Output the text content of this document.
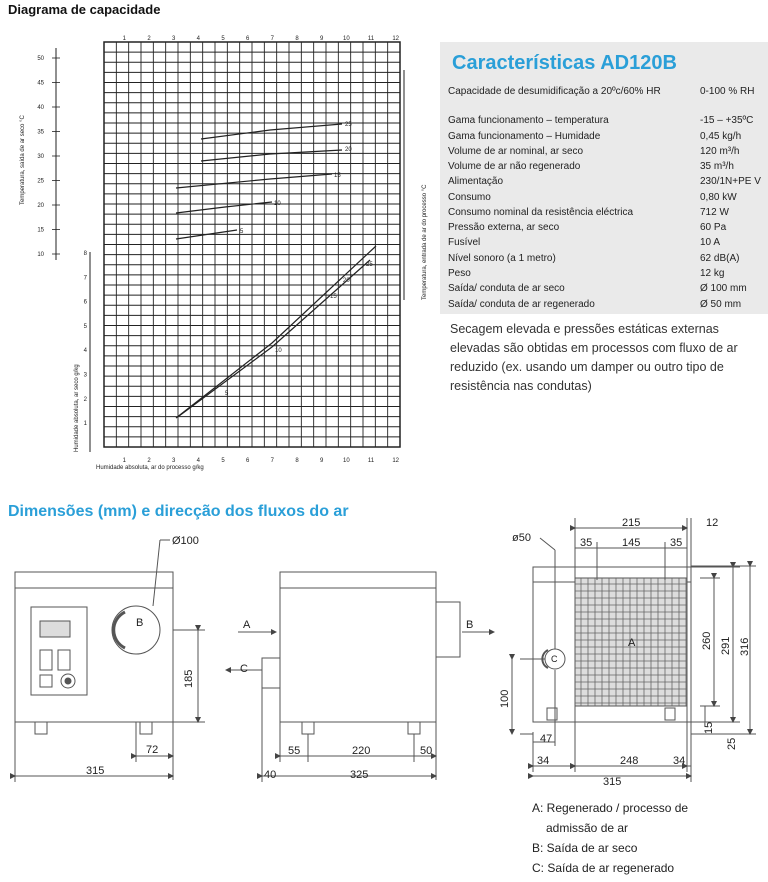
Diagrama de capacidade
1	2	3	4	5	6	7	8	9	10	11	12
1	2	3	4	5	6	7	8	9	10	11	12
50
45
40
35
30
25
20
15
10	8
7
6
5
4
3
2
1
25
20
15
10
5
25
20
15
10
5
Temperatura, saída de ar seco °C
Temperatura, entrada de ar do processo °C
Humidade absoluta, ar seco g/kg
Humidade absoluta, ar do processo g/kg
Capacidade de desumidificação a 20ºc/60% HR	0-100 % RH
Gama funcionamento – temperatura	-15 – +35ºC
Gama funcionamento – Humidade	0,45 kg/h
Volume de ar nominal, ar seco	120 m³/h
Volume de ar não regenerado	35 m³/h
Alimentação	230/1N+PE V
Consumo	0,80 kW
Consumo nominal da resistência eléctrica	712 W
Pressão externa, ar seco	60 Pa
Fusível	10 A
Nível sonoro (a 1 metro)	62 dB(A)
Peso	12 kg
Saída/ conduta de ar seco	Ø 100 mm
Saída/ conduta de ar regenerado	Ø 50 mm
Características AD120B
Secagem elevada e pressões estáticas externas elevadas são obtidas em processos com fluxo de ar reduzido (ex. usando um damper ou outro tipo de resistência nas condutas)
Dimensões (mm) e direcção dos fluxos do ar
Ø100
B
185
72
315
A	B
C
55	220	50
40	325
ø50
215	12
35	145	35
A
C
260 291 316
100
15
25
47
34	248	34
315
A: Regenerado / processo de
admissão de ar
B: Saída de ar seco
C: Saída de ar regenerado
